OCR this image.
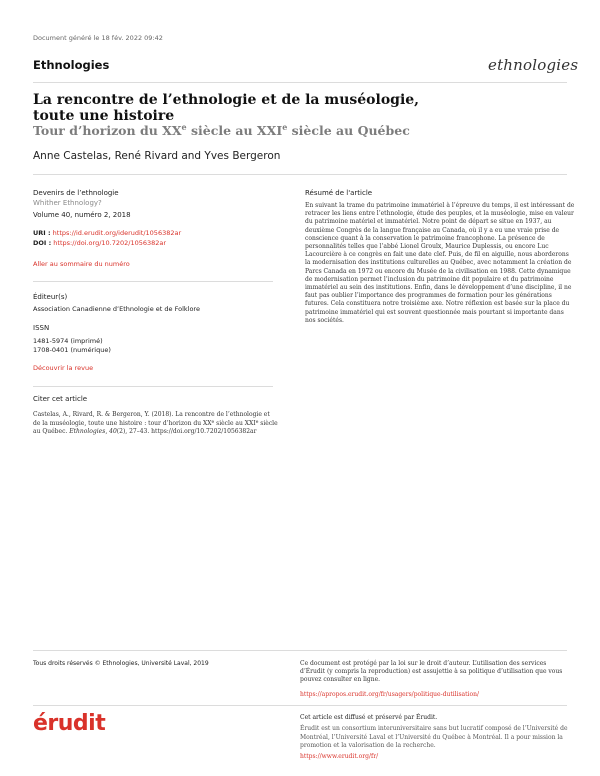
Document généré le 18 fév. 2022 09:42
Ethnologies	ethnologies
La rencontre de l’ethnologie et de la muséologie, toute une histoire
Tour d’horizon du XXe siècle au XXIe siècle au Québec
Anne Castelas, René Rivard and Yves Bergeron
Devenirs de l’ethnologie
Whither Ethnology?
Volume 40, numéro 2, 2018
URI : https://id.erudit.org/iderudit/1056382ar
DOI : https://doi.org/10.7202/1056382ar
Aller au sommaire du numéro
Éditeur(s)
Association Canadienne d’Ethnologie et de Folklore
ISSN
1481-5974 (imprimé)
1708-0401 (numérique)
Découvrir la revue
Citer cet article
Castelas, A., Rivard, R. & Bergeron, Y. (2018). La rencontre de l’ethnologie et de la muséologie, toute une histoire : tour d’horizon du XXe siècle au XXIe siècle au Québec. Ethnologies, 40(2), 27–43. https://doi.org/10.7202/1056382ar
Résumé de l'article
En suivant la trame du patrimoine immatériel à l’épreuve du temps, il est intéressant de retracer les liens entre l’ethnologie, étude des peuples, et la muséologie, mise en valeur du patrimoine matériel et immatériel. Notre point de départ se situe en 1937, au deuxième Congrès de la langue française au Canada, où il y a eu une vraie prise de conscience quant à la conservation le patrimoine francophone. La présence de personnalités telles que l’abbé Lionel Groulx, Maurice Duplessis, ou encore Luc Lacourcière à ce congrès en fait une date clef. Puis, de fil en aiguille, nous aborderons la modernisation des institutions culturelles au Québec, avec notamment la création de Parcs Canada en 1972 ou encore du Musée de la civilisation en 1988. Cette dynamique de modernisation permet l’inclusion du patrimoine dit populaire et du patrimoine immatériel au sein des institutions. Enfin, dans le développement d’une discipline, il ne faut pas oublier l’importance des programmes de formation pour les générations futures. Cela constituera notre troisième axe. Notre réflexion est basée sur la place du patrimoine immatériel qui est souvent questionnée mais pourtant si importante dans nos sociétés.
Tous droits réservés © Ethnologies, Université Laval, 2019	Ce document est protégé par la loi sur le droit d’auteur. L’utilisation des services d’Érudit (y compris la reproduction) est assujettie à sa politique d’utilisation que vous pouvez consulter en ligne.
https://apropos.erudit.org/fr/usagers/politique-dutilisation/
érudit	Cet article est diffusé et préservé par Érudit.
Érudit est un consortium interuniversitaire sans but lucratif composé de l’Université de Montréal, l’Université Laval et l’Université du Québec à Montréal. Il a pour mission la promotion et la valorisation de la recherche.
https://www.erudit.org/fr/
